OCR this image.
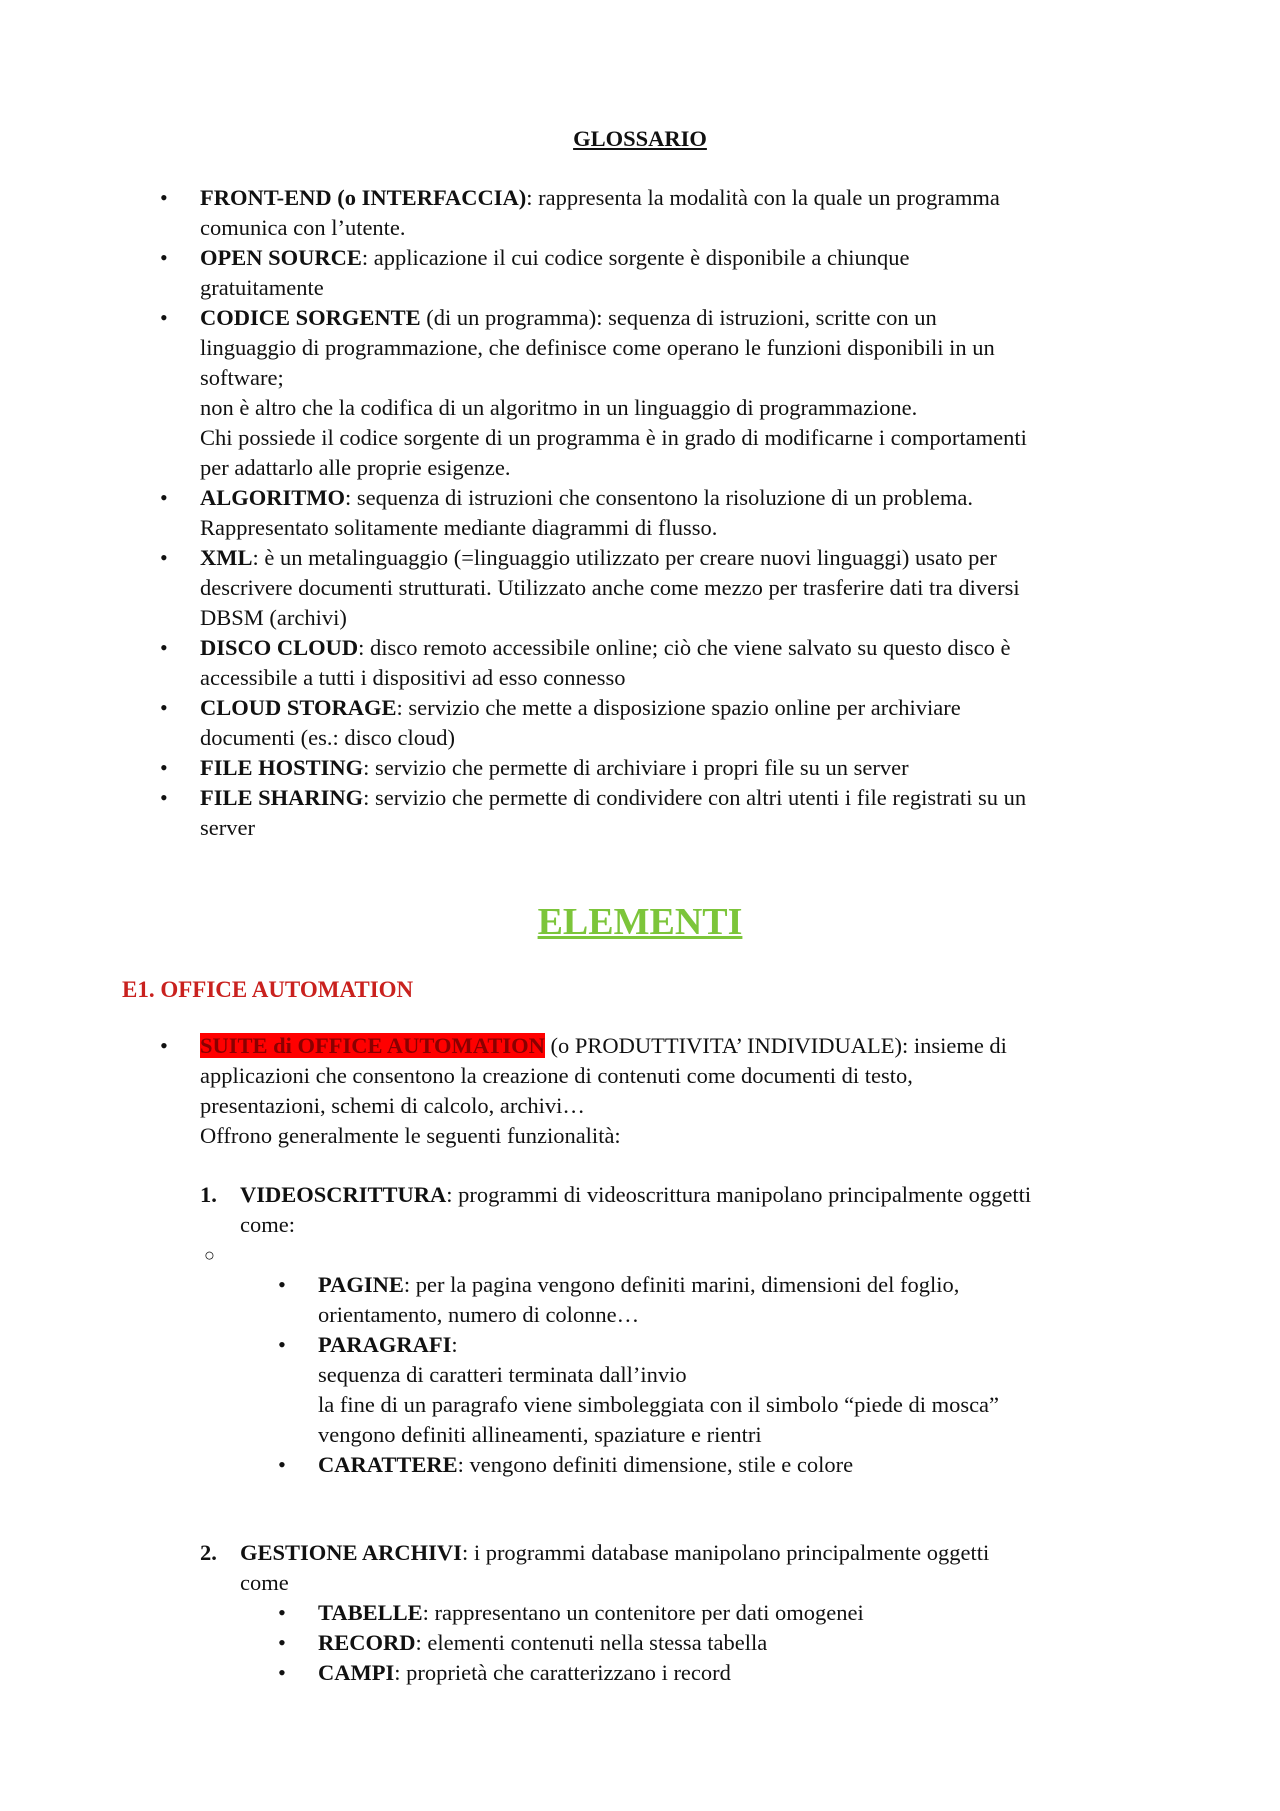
GLOSSARIO
• FRONT-END (o INTERFACCIA): rappresenta la modalità con la quale un programma
comunica con l’utente.
• OPEN SOURCE: applicazione il cui codice sorgente è disponibile a chiunque
gratuitamente
• CODICE SORGENTE (di un programma): sequenza di istruzioni, scritte con un
linguaggio di programmazione, che definisce come operano le funzioni disponibili in un
software;
non è altro che la codifica di un algoritmo in un linguaggio di programmazione.
Chi possiede il codice sorgente di un programma è in grado di modificarne i comportamenti
per adattarlo alle proprie esigenze.
• ALGORITMO: sequenza di istruzioni che consentono la risoluzione di un problema.
Rappresentato solitamente mediante diagrammi di flusso.
• XML: è un metalinguaggio (=linguaggio utilizzato per creare nuovi linguaggi) usato per
descrivere documenti strutturati. Utilizzato anche come mezzo per trasferire dati tra diversi
DBSM (archivi)
• DISCO CLOUD: disco remoto accessibile online; ciò che viene salvato su questo disco è
accessibile a tutti i dispositivi ad esso connesso
• CLOUD STORAGE: servizio che mette a disposizione spazio online per archiviare
documenti (es.: disco cloud)
• FILE HOSTING: servizio che permette di archiviare i propri file su un server
• FILE SHARING: servizio che permette di condividere con altri utenti i file registrati su un
server
ELEMENTI
E1. OFFICE AUTOMATION
• SUITE di OFFICE AUTOMATION (o PRODUTTIVITA’ INDIVIDUALE): insieme di
applicazioni che consentono la creazione di contenuti come documenti di testo,
presentazioni, schemi di calcolo, archivi…
Offrono generalmente le seguenti funzionalità:
1.	VIDEOSCRITTURA: programmi di videoscrittura manipolano principalmente oggetti
come:
○
• PAGINE: per la pagina vengono definiti marini, dimensioni del foglio,
orientamento, numero di colonne…
• PARAGRAFI:
sequenza di caratteri terminata dall’invio
la fine di un paragrafo viene simboleggiata con il simbolo “piede di mosca”
vengono definiti allineamenti, spaziature e rientri
• CARATTERE: vengono definiti dimensione, stile e colore
2.	GESTIONE ARCHIVI: i programmi database manipolano principalmente oggetti
come
• TABELLE: rappresentano un contenitore per dati omogenei
• RECORD: elementi contenuti nella stessa tabella
• CAMPI: proprietà che caratterizzano i record
